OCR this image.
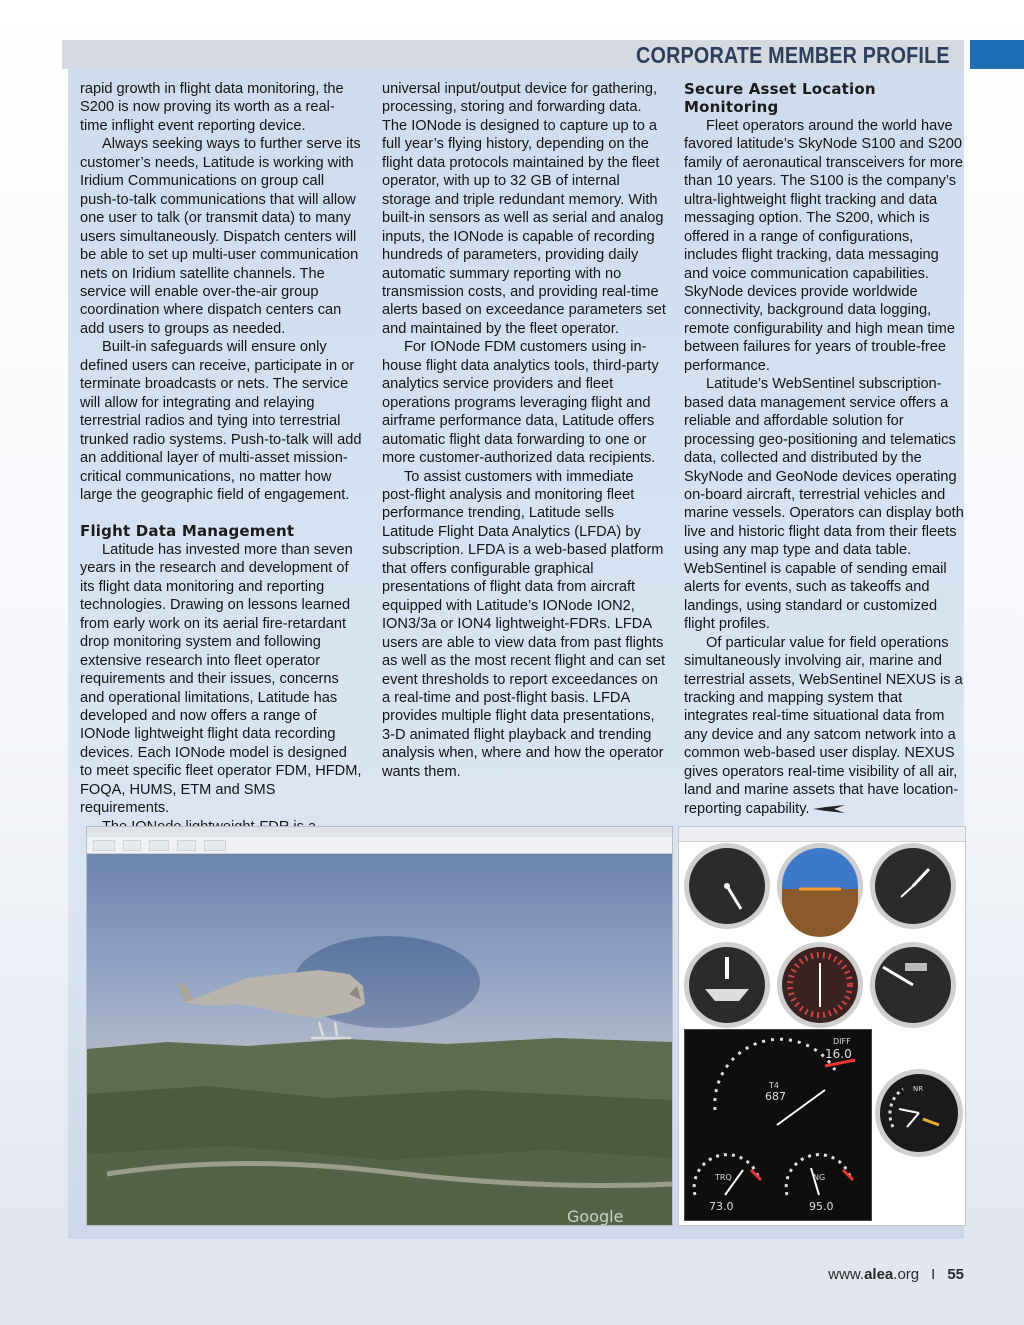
CORPORATE MEMBER PROFILE

rapid growth in flight data monitoring, the S200 is now proving its worth as a real-time inflight event reporting device.

Always seeking ways to further serve its customer’s needs, Latitude is working with Iridium Communications on group call push-to-talk communications that will allow one user to talk (or transmit data) to many users simultaneously. Dispatch centers will be able to set up multi-user communication nets on Iridium satellite channels. The service will enable over-the-air group coordination where dispatch centers can add users to groups as needed.

Built-in safeguards will ensure only defined users can receive, participate in or terminate broadcasts or nets. The service will allow for integrating and relaying terrestrial radios and tying into terrestrial trunked radio systems. Push-to-talk will add an additional layer of multi-asset mission-critical communications, no matter how large the geographic field of engagement.

Flight Data Management

Latitude has invested more than seven years in the research and development of its flight data monitoring and reporting technologies. Drawing on lessons learned from early work on its aerial fire-retardant drop monitoring system and following extensive research into fleet operator requirements and their issues, concerns and operational limitations, Latitude has developed and now offers a range of IONode lightweight flight data recording devices. Each IONode model is designed to meet specific fleet operator FDM, HFDM, FOQA, HUMS, ETM and SMS requirements.

universal input/output device for gathering, processing, storing and forwarding data. The IONode is designed to capture up to a full year’s flying history, depending on the flight data protocols maintained by the fleet operator, with up to 32 GB of internal storage and triple redundant memory. With built-in sensors as well as serial and analog inputs, the IONode is capable of recording hundreds of parameters, providing daily automatic summary reporting with no transmission costs, and providing real-time alerts based on exceedance parameters set and maintained by the fleet operator.

For IONode FDM customers using in-house flight data analytics tools, third-party analytics service providers and fleet operations programs leveraging flight and airframe performance data, Latitude offers automatic flight data forwarding to one or more customer-authorized data recipients.

To assist customers with immediate post-flight analysis and monitoring fleet performance trending, Latitude sells Latitude Flight Data Analytics (LFDA) by subscription. LFDA is a web-based platform that offers configurable graphical presentations of flight data from aircraft equipped with Latitude’s IONode ION2, ION3/3a or ION4 lightweight-FDRs. LFDA users are able to view data from past flights as well as the most recent flight and can set event thresholds to report exceedances on a real-time and post-flight basis. LFDA provides multiple flight data presentations, 3-D animated flight playback and trending analysis when, where and how the operator wants them.

Secure Asset Location Monitoring

Fleet operators around the world have favored latitude’s SkyNode S100 and S200 family of aeronautical transceivers for more than 10 years. The S100 is the company’s ultra-lightweight flight tracking and data messaging option. The S200, which is offered in a range of configurations, includes flight tracking, data messaging and voice communication capabilities. SkyNode devices provide worldwide connectivity, background data logging, remote configurability and high mean time between failures for years of trouble-free performance.

Latitude’s WebSentinel subscription-based data management service offers a reliable and affordable solution for processing geo-positioning and telematics data, collected and distributed by the SkyNode and GeoNode devices operating on-board aircraft, terrestrial vehicles and marine vessels. Operators can display both live and historic flight data from their fleets using any map type and data table. WebSentinel is capable of sending email alerts for events, such as takeoffs and landings, using standard or customized flight profiles.

Of particular value for field operations simultaneously involving air, marine and terrestrial assets, WebSentinel NEXUS is a tracking and mapping system that integrates real-time situational data from any device and any satcom network into a common web-based user display. NEXUS gives operators real-time visibility of all air, land and marine assets that have location-reporting capability.

Google
DIFF
16.0
T4
687
TRQ
73.0
NG
95.0
NR
www.alea.org I 55
